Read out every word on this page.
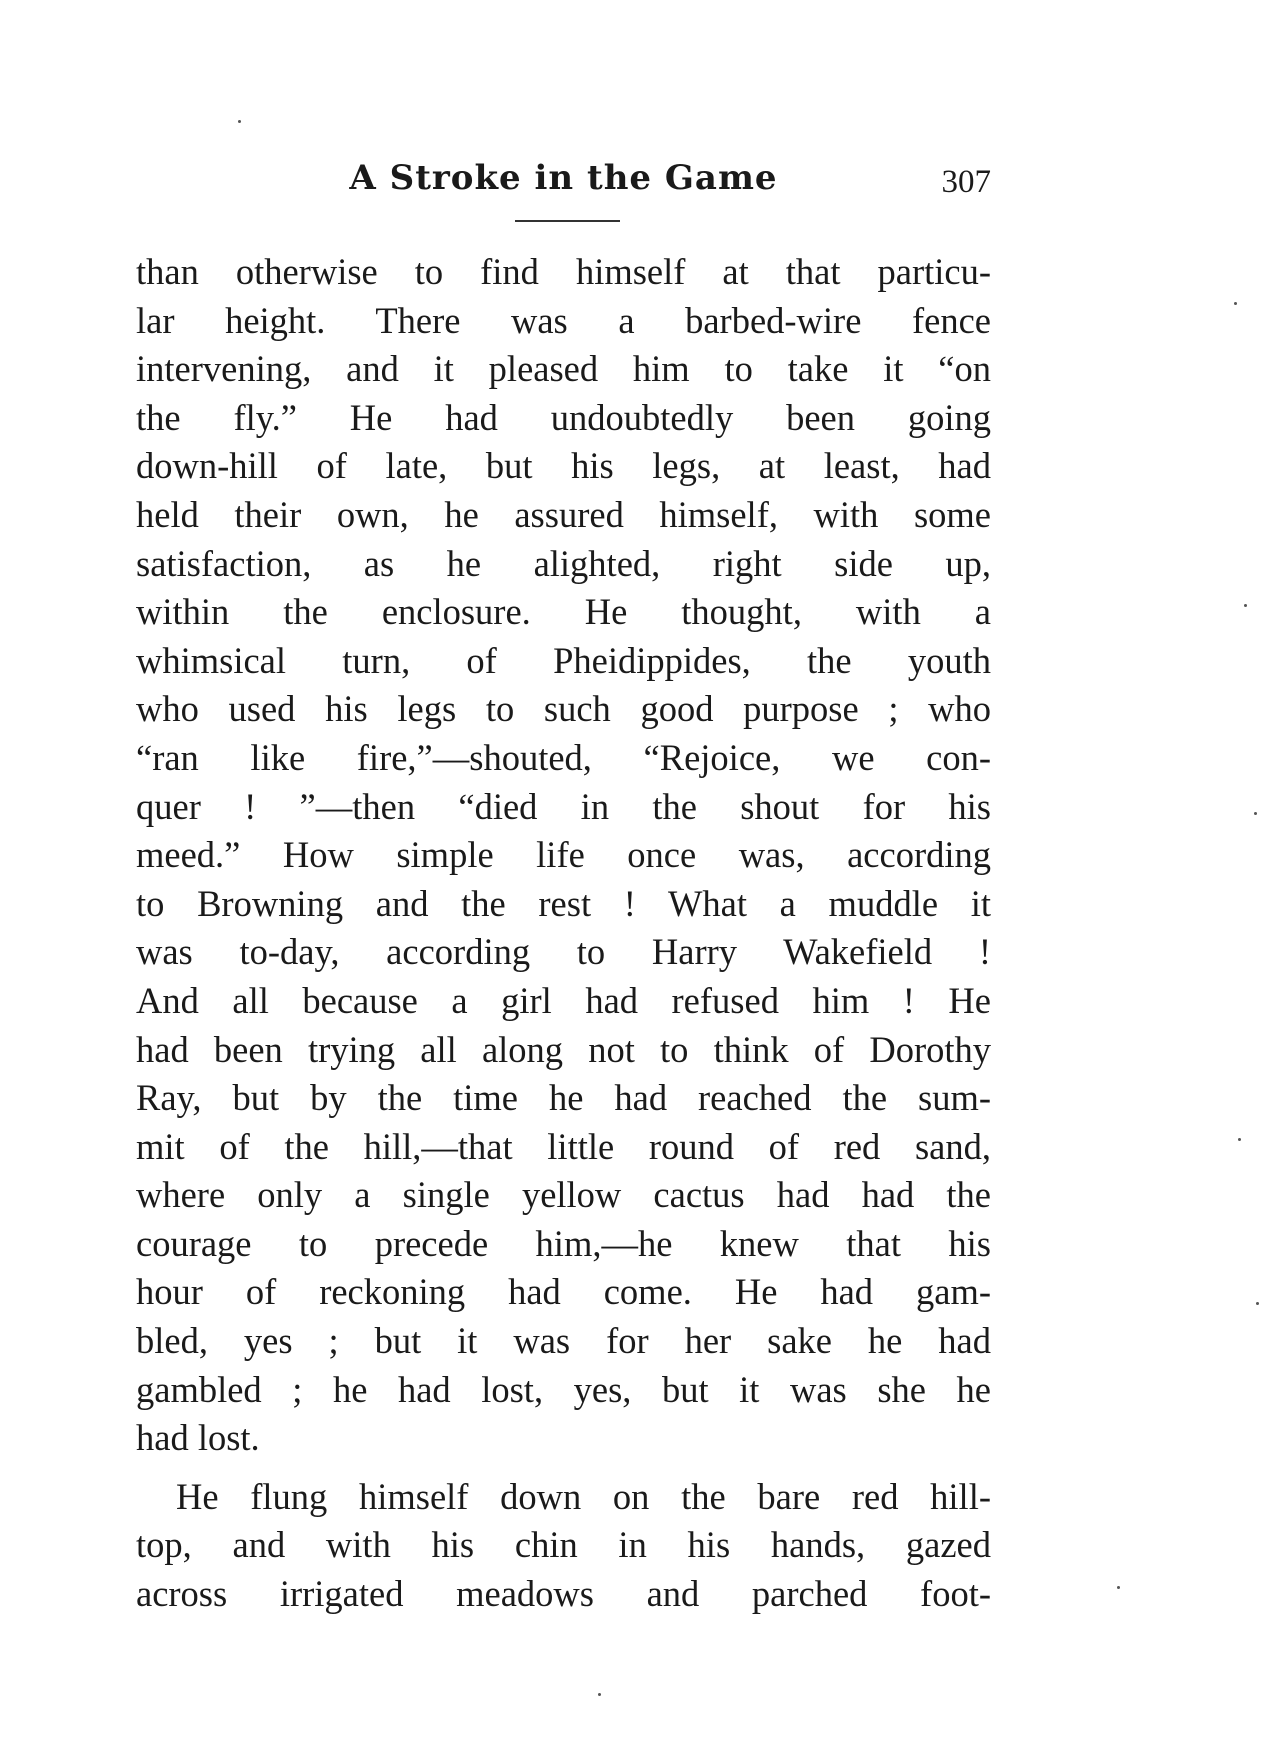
A Stroke in the Game	307
than otherwise to find himself at that particu-
lar height. There was a barbed-wire fence
intervening, and it pleased him to take it “on
the fly.” He had undoubtedly been going
down-hill of late, but his legs, at least, had
held their own, he assured himself, with some
satisfaction, as he alighted, right side up,
within the enclosure. He thought, with a
whimsical turn, of Pheidippides, the youth
who used his legs to such good purpose ; who
“ran like fire,”—shouted, “Rejoice, we con-
quer ! ”—then “died in the shout for his
meed.” How simple life once was, according
to Browning and the rest ! What a muddle it
was to-day, according to Harry Wakefield !
And all because a girl had refused him ! He
had been trying all along not to think of Dorothy
Ray, but by the time he had reached the sum-
mit of the hill,—that little round of red sand,
where only a single yellow cactus had had the
courage to precede him,—he knew that his
hour of reckoning had come. He had gam-
bled, yes ; but it was for her sake he had
gambled ; he had lost, yes, but it was she he
had lost.
He flung himself down on the bare red hill-
top, and with his chin in his hands, gazed
across irrigated meadows and parched foot-
